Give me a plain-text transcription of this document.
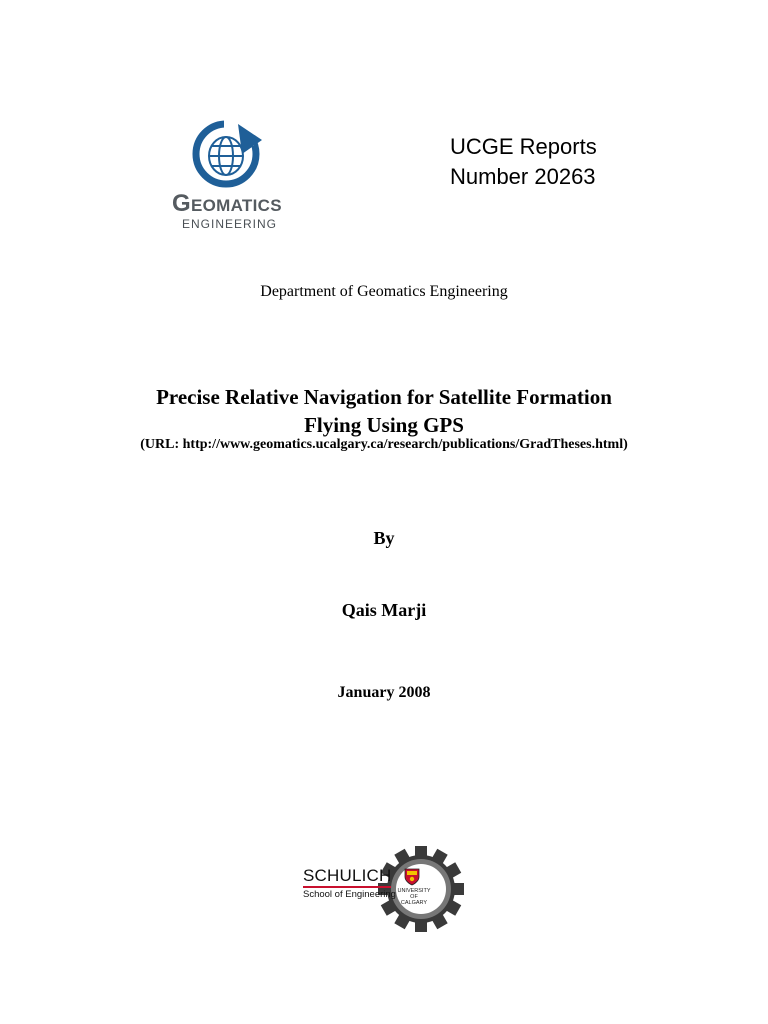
GEOMATICS
ENGINEERING
UCGE Reports
Number 20263
Department of Geomatics Engineering
Precise Relative Navigation for Satellite Formation
Flying Using GPS
(URL: http://www.geomatics.ucalgary.ca/research/publications/GradTheses.html)
By
Qais Marji
January 2008
UNIVERSITY OF
CALGARY
SCHULICH
School of Engineering
